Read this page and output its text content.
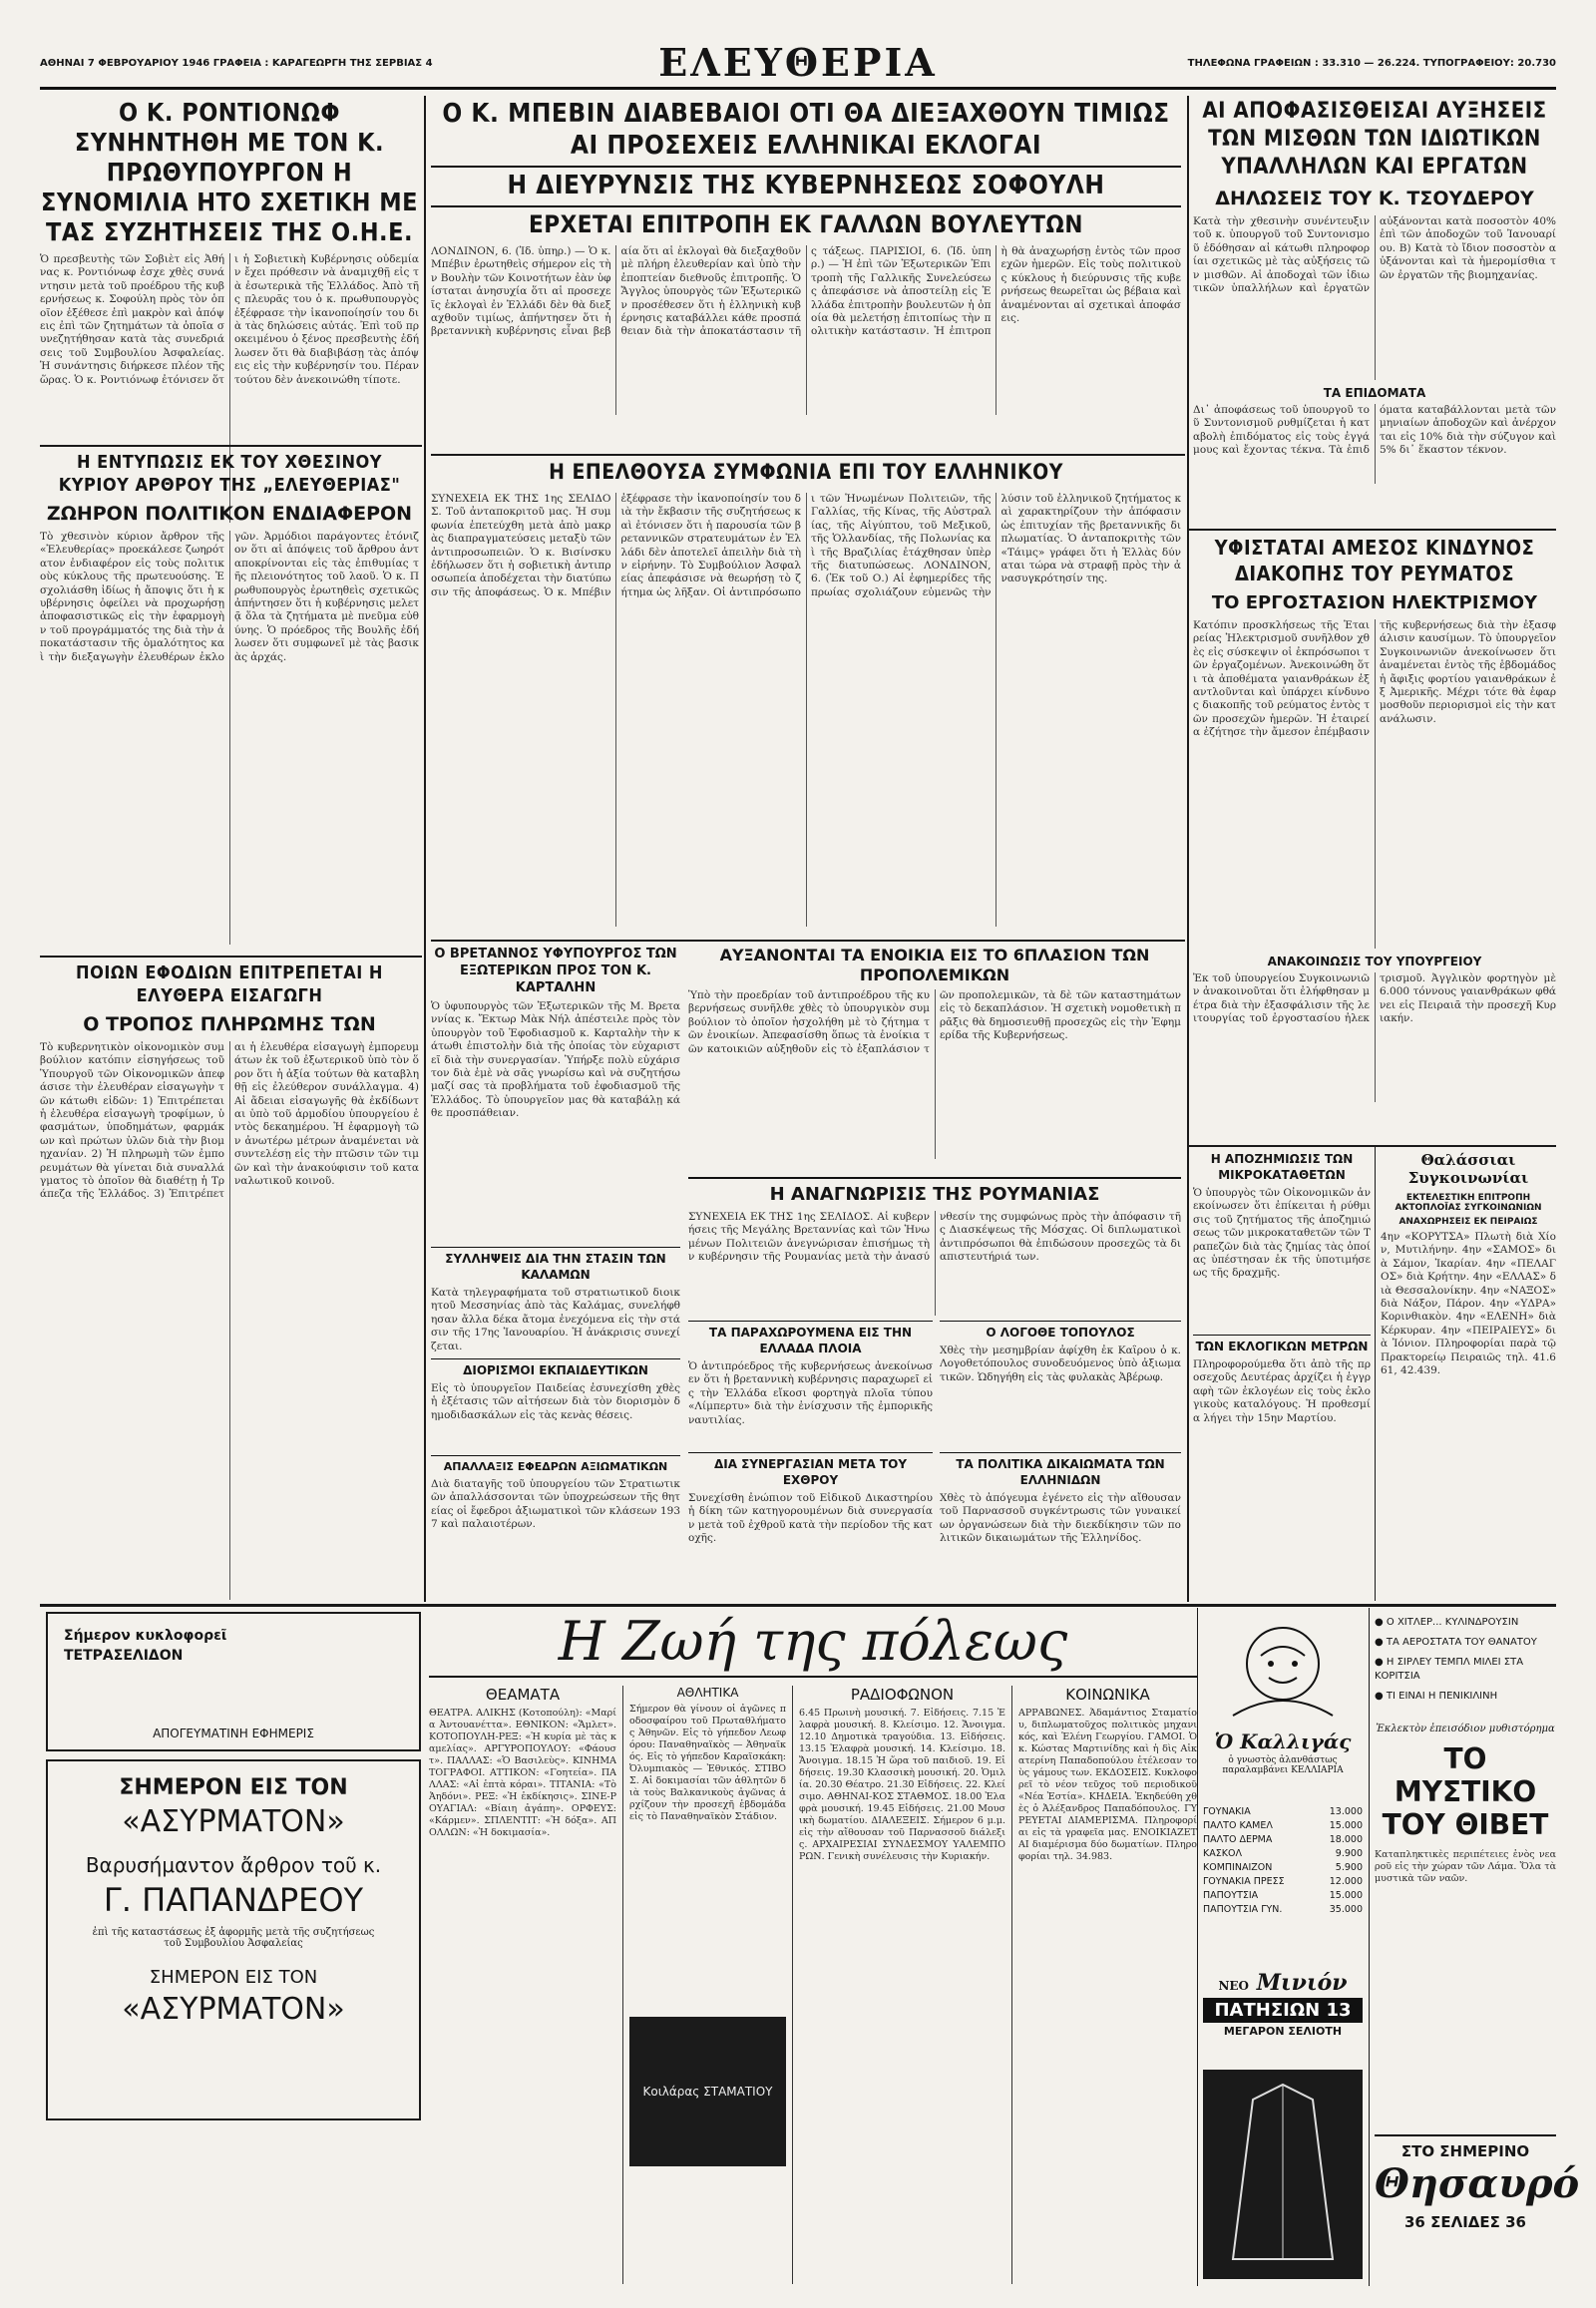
ΑΘΗΝΑΙ 7 ΦΕΒΡΟΥΑΡΙΟΥ 1946 ΓΡΑΦΕΙΑ : ΚΑΡΑΓΕΩΡΓΗ ΤΗΣ ΣΕΡΒΙΑΣ 4	ΕΛΕΥΘΕΡΙΑ	ΤΗΛΕΦΩΝΑ ΓΡΑΦΕΙΩΝ : 33.310 — 26.224. ΤΥΠΟΓΡΑΦΕΙΟΥ: 20.730
Ο Κ. ΡΟΝΤΙΟΝΩΦ ΣΥΝΗΝΤΗΘΗ ΜΕ ΤΟΝ Κ. ΠΡΩΘΥΠΟΥΡΓΟΝ Η ΣΥΝΟΜΙΛΙΑ ΗΤΟ ΣΧΕΤΙΚΗ ΜΕ ΤΑΣ ΣΥΖΗΤΗΣΕΙΣ ΤΗΣ Ο.Η.Ε.
Ὁ πρεσβευτὴς τῶν Σοβιὲτ εἰς Ἀθήνας κ. Ροντιόνωφ ἐσχε χθὲς συνάντησιν μετὰ τοῦ προέδρου τῆς κυβερνήσεως κ. Σοφούλη πρὸς τὸν ὁποῖον ἐξέθεσε ἐπὶ μακρὸν καὶ ἀπόψεις ἐπὶ τῶν ζητημάτων τὰ ὁποῖα συνεζητήθησαν κατὰ τὰς συνεδριάσεις τοῦ Συμβουλίου Ἀσφαλείας. Ἡ συνάντησις διήρκεσε πλέον τῆς ὥρας. Ὁ κ. Ροντιόνωφ ἐτόνισεν ὅτι ἡ Σοβιετικὴ Κυβέρνησις οὐδεμίαν ἔχει πρόθεσιν νὰ ἀναμιχθῇ εἰς τὰ ἐσωτερικὰ τῆς Ἑλλάδος. Ἀπὸ τῆς πλευρᾶς του ὁ κ. πρωθυπουργὸς ἐξέφρασε τὴν ἱκανοποίησίν του διὰ τὰς δηλώσεις αὐτάς. Ἐπὶ τοῦ προκειμένου ὁ ξένος πρεσβευτὴς ἐδήλωσεν ὅτι θὰ διαβιβάσῃ τὰς ἀπόψεις εἰς τὴν κυβέρνησίν του. Πέραν τούτου δὲν ἀνεκοινώθη τίποτε.
Η ΕΝΤΥΠΩΣΙΣ ΕΚ ΤΟΥ ΧΘΕΣΙΝΟΥ ΚΥΡΙΟΥ ΑΡΘΡΟΥ ΤΗΣ „ΕΛΕΥΘΕΡΙΑΣ"
ΖΩΗΡΟΝ ΠΟΛΙΤΙΚΟΝ ΕΝΔΙΑΦΕΡΟΝ
Τὸ χθεσινὸν κύριον ἄρθρον τῆς «Ἐλευθερίας» προεκάλεσε ζωηρότατον ἐνδιαφέρον εἰς τοὺς πολιτικοὺς κύκλους τῆς πρωτευούσης. Ἐσχολιάσθη ἰδίως ἡ ἄποψις ὅτι ἡ κυβέρνησις ὀφείλει νὰ προχωρήσῃ ἀποφασιστικῶς εἰς τὴν ἐφαρμογὴν τοῦ προγράμματός της διὰ τὴν ἀποκατάστασιν τῆς ὁμαλότητος καὶ τὴν διεξαγωγὴν ἐλευθέρων ἐκλογῶν. Ἀρμόδιοι παράγοντες ἐτόνιζον ὅτι αἱ ἀπόψεις τοῦ ἄρθρου ἀνταποκρίνονται εἰς τὰς ἐπιθυμίας τῆς πλειονότητος τοῦ λαοῦ. Ὁ κ. Πρωθυπουργὸς ἐρωτηθεὶς σχετικῶς ἀπήντησεν ὅτι ἡ κυβέρνησις μελετᾷ ὅλα τὰ ζητήματα μὲ πνεῦμα εὐθύνης. Ὁ πρόεδρος τῆς Βουλῆς ἐδήλωσεν ὅτι συμφωνεῖ μὲ τὰς βασικὰς ἀρχάς.
ΠΟΙΩΝ ΕΦΟΔΙΩΝ ΕΠΙΤΡΕΠΕΤΑΙ Η ΕΛΥΘΕΡΑ ΕΙΣΑΓΩΓΗ
Ο ΤΡΟΠΟΣ ΠΛΗΡΩΜΗΣ ΤΩΝ
Τὸ κυβερνητικὸν οἰκονομικὸν συμβούλιον κατόπιν εἰσηγήσεως τοῦ Ὑπουργοῦ τῶν Οἰκονομικῶν ἀπεφάσισε τὴν ἐλευθέραν εἰσαγωγὴν τῶν κάτωθι εἰδῶν: 1) Ἐπιτρέπεται ἡ ἐλευθέρα εἰσαγωγὴ τροφίμων, ὑφασμάτων, ὑποδημάτων, φαρμάκων καὶ πρώτων ὑλῶν διὰ τὴν βιομηχανίαν. 2) Ἡ πληρωμὴ τῶν ἐμπορευμάτων θὰ γίνεται διὰ συναλλάγματος τὸ ὁποῖον θὰ διαθέτῃ ἡ Τράπεζα τῆς Ἑλλάδος. 3) Ἐπιτρέπεται ἡ ἐλευθέρα εἰσαγωγὴ ἐμπορευμάτων ἐκ τοῦ ἐξωτερικοῦ ὑπὸ τὸν ὅρον ὅτι ἡ ἀξία τούτων θὰ καταβληθῇ εἰς ἐλεύθερον συνάλλαγμα. 4) Αἱ ἄδειαι εἰσαγωγῆς θὰ ἐκδίδωνται ὑπὸ τοῦ ἁρμοδίου ὑπουργείου ἐντὸς δεκαημέρου. Ἡ ἐφαρμογὴ τῶν ἀνωτέρω μέτρων ἀναμένεται νὰ συντελέσῃ εἰς τὴν πτῶσιν τῶν τιμῶν καὶ τὴν ἀνακούφισιν τοῦ καταναλωτικοῦ κοινοῦ.
Ο Κ. ΜΠΕΒΙΝ ΔΙΑΒΕΒΑΙΟΙ ΟΤΙ ΘΑ ΔΙΕΞΑΧΘΟΥΝ ΤΙΜΙΩΣ ΑΙ ΠΡΟΣΕΧΕΙΣ ΕΛΛΗΝΙΚΑΙ ΕΚΛΟΓΑΙ
Η ΔΙΕΥΡΥΝΣΙΣ ΤΗΣ ΚΥΒΕΡΝΗΣΕΩΣ ΣΟΦΟΥΛΗ
ΕΡΧΕΤΑΙ ΕΠΙΤΡΟΠΗ ΕΚ ΓΑΛΛΩΝ ΒΟΥΛΕΥΤΩΝ
ΛΟΝΔΙΝΟΝ, 6. (Ἰδ. ὑπηρ.) — Ὁ κ. Μπέβιν ἐρωτηθεὶς σήμερον εἰς τὴν Βουλὴν τῶν Κοινοτήτων ἐὰν ὑφίσταται ἀνησυχία ὅτι αἱ προσεχεῖς ἐκλογαὶ ἐν Ἑλλάδι δὲν θὰ διεξαχθοῦν τιμίως, ἀπήντησεν ὅτι ἡ βρεταννικὴ κυβέρνησις εἶναι βεβαία ὅτι αἱ ἐκλογαὶ θὰ διεξαχθοῦν μὲ πλήρη ἐλευθερίαν καὶ ὑπὸ τὴν ἐποπτείαν διεθνοῦς ἐπιτροπῆς. Ὁ Ἄγγλος ὑπουργὸς τῶν Ἐξωτερικῶν προσέθεσεν ὅτι ἡ ἑλληνικὴ κυβέρνησις καταβάλλει κάθε προσπάθειαν διὰ τὴν ἀποκατάστασιν τῆς τάξεως. ΠΑΡΙΣΙΟΙ, 6. (Ἰδ. ὑπηρ.) — Ἡ ἐπὶ τῶν Ἐξωτερικῶν Ἐπιτροπὴ τῆς Γαλλικῆς Συνελεύσεως ἀπεφάσισε νὰ ἀποστείλῃ εἰς Ἑλλάδα ἐπιτροπὴν βουλευτῶν ἡ ὁποία θὰ μελετήσῃ ἐπιτοπίως τὴν πολιτικὴν κατάστασιν. Ἡ ἐπιτροπὴ θὰ ἀναχωρήσῃ ἐντὸς τῶν προσεχῶν ἡμερῶν. Εἰς τοὺς πολιτικοὺς κύκλους ἡ διεύρυνσις τῆς κυβερνήσεως θεωρεῖται ὡς βέβαια καὶ ἀναμένονται αἱ σχετικαὶ ἀποφάσεις.
Η ΕΠΕΛΘΟΥΣΑ ΣΥΜΦΩΝΙΑ ΕΠΙ ΤΟΥ ΕΛΛΗΝΙΚΟΥ
ΣΥΝΕΧΕΙΑ ΕΚ ΤΗΣ 1ης ΣΕΛΙΔΟΣ. Τοῦ ἀνταποκριτοῦ μας. Ἡ συμφωνία ἐπετεύχθη μετὰ ἀπὸ μακρὰς διαπραγματεύσεις μεταξὺ τῶν ἀντιπροσωπειῶν. Ὁ κ. Βισίνσκυ ἐδήλωσεν ὅτι ἡ σοβιετικὴ ἀντιπροσωπεία ἀποδέχεται τὴν διατύπωσιν τῆς ἀποφάσεως. Ὁ κ. Μπέβιν ἐξέφρασε τὴν ἱκανοποίησίν του διὰ τὴν ἔκβασιν τῆς συζητήσεως καὶ ἐτόνισεν ὅτι ἡ παρουσία τῶν βρεταννικῶν στρατευμάτων ἐν Ἑλλάδι δὲν ἀποτελεῖ ἀπειλὴν διὰ τὴν εἰρήνην. Τὸ Συμβούλιον Ἀσφαλείας ἀπεφάσισε νὰ θεωρήσῃ τὸ ζήτημα ὡς λῆξαν. Οἱ ἀντιπρόσωποι τῶν Ἡνωμένων Πολιτειῶν, τῆς Γαλλίας, τῆς Κίνας, τῆς Αὐστραλίας, τῆς Αἰγύπτου, τοῦ Μεξικοῦ, τῆς Ὁλλανδίας, τῆς Πολωνίας καὶ τῆς Βραζιλίας ἐτάχθησαν ὑπὲρ τῆς διατυπώσεως. ΛΟΝΔΙΝΟΝ, 6. (Ἐκ τοῦ Ο.) Αἱ ἐφημερίδες τῆς πρωίας σχολιάζουν εὐμενῶς τὴν λύσιν τοῦ ἑλληνικοῦ ζητήματος καὶ χαρακτηρίζουν τὴν ἀπόφασιν ὡς ἐπιτυχίαν τῆς βρεταννικῆς διπλωματίας. Ὁ ἀνταποκριτὴς τῶν «Τάιμς» γράφει ὅτι ἡ Ἑλλὰς δύναται τώρα νὰ στραφῇ πρὸς τὴν ἀνασυγκρότησίν της.
Ο ΒΡΕΤΑΝΝΟΣ ΥΦΥΠΟΥΡΓΟΣ ΤΩΝ ΕΞΩΤΕΡΙΚΩΝ ΠΡΟΣ ΤΟΝ Κ. ΚΑΡΤΑΛΗΝ
Ὁ ὑφυπουργὸς τῶν Ἐξωτερικῶν τῆς Μ. Βρεταννίας κ. Ἔκτωρ Μὰκ Νήλ ἀπέστειλε πρὸς τὸν ὑπουργὸν τοῦ Ἐφοδιασμοῦ κ. Καρταλὴν τὴν κάτωθι ἐπιστολὴν διὰ τῆς ὁποίας τὸν εὐχαριστεῖ διὰ τὴν συνεργασίαν. Ὑπήρξε πολὺ εὐχάριστον διὰ ἐμὲ νὰ σᾶς γνωρίσω καὶ νὰ συζητήσω μαζί σας τὰ προβλήματα τοῦ ἐφοδιασμοῦ τῆς Ἑλλάδος. Τὸ ὑπουργεῖον μας θὰ καταβάλῃ κάθε προσπάθειαν.
ΑΥΞΑΝΟΝΤΑΙ ΤΑ ΕΝΟΙΚΙΑ ΕΙΣ ΤΟ 6ΠΛΑΣΙΟΝ ΤΩΝ ΠΡΟΠΟΛΕΜΙΚΩΝ
Ὑπὸ τὴν προεδρίαν τοῦ ἀντιπροέδρου τῆς κυβερνήσεως συνῆλθε χθὲς τὸ ὑπουργικὸν συμβούλιον τὸ ὁποῖον ἠσχολήθη μὲ τὸ ζήτημα τῶν ἐνοικίων. Ἀπεφασίσθη ὅπως τὰ ἐνοίκια τῶν κατοικιῶν αὐξηθοῦν εἰς τὸ ἑξαπλάσιον τῶν προπολεμικῶν, τὰ δὲ τῶν καταστημάτων εἰς τὸ δεκαπλάσιον. Ἡ σχετικὴ νομοθετικὴ πρᾶξις θὰ δημοσιευθῇ προσεχῶς εἰς τὴν Ἐφημερίδα τῆς Κυβερνήσεως.
Η ΑΝΑΓΝΩΡΙΣΙΣ ΤΗΣ ΡΟΥΜΑΝΙΑΣ
ΣΥΝΕΧΕΙΑ ΕΚ ΤΗΣ 1ης ΣΕΛΙΔΟΣ. Αἱ κυβερνήσεις τῆς Μεγάλης Βρεταννίας καὶ τῶν Ἡνωμένων Πολιτειῶν ἀνεγνώρισαν ἐπισήμως τὴν κυβέρνησιν τῆς Ρουμανίας μετὰ τὴν ἀνασύνθεσίν της συμφώνως πρὸς τὴν ἀπόφασιν τῆς Διασκέψεως τῆς Μόσχας. Οἱ διπλωματικοὶ ἀντιπρόσωποι θὰ ἐπιδώσουν προσεχῶς τὰ διαπιστευτήριά των.
ΣΥΛΛΗΨΕΙΣ ΔΙΑ ΤΗΝ ΣΤΑΣΙΝ ΤΩΝ ΚΑΛΑΜΩΝ
Κατὰ τηλεγραφήματα τοῦ στρατιωτικοῦ διοικητοῦ Μεσσηνίας ἀπὸ τὰς Καλάμας, συνελήφθησαν ἄλλα δέκα ἄτομα ἐνεχόμενα εἰς τὴν στάσιν τῆς 17ης Ἰανουαρίου. Ἡ ἀνάκρισις συνεχίζεται.
ΤΑ ΠΑΡΑΧΩΡΟΥΜΕΝΑ ΕΙΣ ΤΗΝ ΕΛΛΑΔΑ ΠΛΟΙΑ
Ὁ ἀντιπρόεδρος τῆς κυβερνήσεως ἀνεκοίνωσεν ὅτι ἡ βρεταννικὴ κυβέρνησις παραχωρεῖ εἰς τὴν Ἑλλάδα εἴκοσι φορτηγὰ πλοῖα τύπου «Λίμπερτυ» διὰ τὴν ἐνίσχυσιν τῆς ἐμπορικῆς ναυτιλίας.
Ο ΛΟΓΟΘΕ ΤΟΠΟΥΛΟΣ
Χθὲς τὴν μεσημβρίαν ἀφίχθη ἐκ Καΐρου ὁ κ. Λογοθετόπουλος συνοδευόμενος ὑπὸ ἀξιωματικῶν. Ὡδηγήθη εἰς τὰς φυλακὰς Ἀβέρωφ.
ΔΙΟΡΙΣΜΟΙ ΕΚΠΑΙΔΕΥΤΙΚΩΝ
Εἰς τὸ ὑπουργεῖον Παιδείας ἐσυνεχίσθη χθὲς ἡ ἐξέτασις τῶν αἰτήσεων διὰ τὸν διορισμὸν δημοδιδασκάλων εἰς τὰς κενὰς θέσεις.
ΑΠΑΛΛΑΞΙΣ ΕΦΕΔΡΩΝ ΑΞΙΩΜΑΤΙΚΩΝ
Διὰ διαταγῆς τοῦ ὑπουργείου τῶν Στρατιωτικῶν ἀπαλλάσσονται τῶν ὑποχρεώσεων τῆς θητείας οἱ ἔφεδροι ἀξιωματικοὶ τῶν κλάσεων 1937 καὶ παλαιοτέρων.
ΔΙΑ ΣΥΝΕΡΓΑΣΙΑΝ ΜΕΤΑ ΤΟΥ ΕΧΘΡΟΥ
Συνεχίσθη ἐνώπιον τοῦ Εἰδικοῦ Δικαστηρίου ἡ δίκη τῶν κατηγορουμένων διὰ συνεργασίαν μετὰ τοῦ ἐχθροῦ κατὰ τὴν περίοδον τῆς κατοχῆς.
ΤΑ ΠΟΛΙΤΙΚΑ ΔΙΚΑΙΩΜΑΤΑ ΤΩΝ ΕΛΛΗΝΙΔΩΝ
Χθὲς τὸ ἀπόγευμα ἐγένετο εἰς τὴν αἴθουσαν τοῦ Παρνασσοῦ συγκέντρωσις τῶν γυναικείων ὀργανώσεων διὰ τὴν διεκδίκησιν τῶν πολιτικῶν δικαιωμάτων τῆς Ἑλληνίδος.
ΑΙ ΑΠΟΦΑΣΙΣΘΕΙΣΑΙ ΑΥΞΗΣΕΙΣ ΤΩΝ ΜΙΣΘΩΝ ΤΩΝ ΙΔΙΩΤΙΚΩΝ ΥΠΑΛΛΗΛΩΝ ΚΑΙ ΕΡΓΑΤΩΝ
ΔΗΛΩΣΕΙΣ ΤΟΥ Κ. ΤΣΟΥΔΕΡΟΥ
Κατὰ τὴν χθεσινὴν συνέντευξιν τοῦ κ. ὑπουργοῦ τοῦ Συντονισμοῦ ἐδόθησαν αἱ κάτωθι πληροφορίαι σχετικῶς μὲ τὰς αὐξήσεις τῶν μισθῶν. Αἱ ἀποδοχαὶ τῶν ἰδιωτικῶν ὑπαλλήλων καὶ ἐργατῶν αὐξάνονται κατὰ ποσοστὸν 40% ἐπὶ τῶν ἀποδοχῶν τοῦ Ἰανουαρίου. Β) Κατὰ τὸ ἴδιον ποσοστὸν αὐξάνονται καὶ τὰ ἡμερομίσθια τῶν ἐργατῶν τῆς βιομηχανίας.
ΤΑ ΕΠΙΔΟΜΑΤΑ
Δι᾽ ἀποφάσεως τοῦ ὑπουργοῦ τοῦ Συντονισμοῦ ρυθμίζεται ἡ καταβολὴ ἐπιδόματος εἰς τοὺς ἐγγάμους καὶ ἔχοντας τέκνα. Τὰ ἐπιδόματα καταβάλλονται μετὰ τῶν μηνιαίων ἀποδοχῶν καὶ ἀνέρχονται εἰς 10% διὰ τὴν σύζυγον καὶ 5% δι᾽ ἕκαστον τέκνον.
ΥΦΙΣΤΑΤΑΙ ΑΜΕΣΟΣ ΚΙΝΔΥΝΟΣ ΔΙΑΚΟΠΗΣ ΤΟΥ ΡΕΥΜΑΤΟΣ
ΤΟ ΕΡΓΟΣΤΑΣΙΟΝ ΗΛΕΚΤΡΙΣΜΟΥ
Κατόπιν προσκλήσεως τῆς Ἑταιρείας Ἠλεκτρισμοῦ συνῆλθον χθὲς εἰς σύσκεψιν οἱ ἐκπρόσωποι τῶν ἐργαζομένων. Ἀνεκοινώθη ὅτι τὰ ἀποθέματα γαιανθράκων ἐξαντλοῦνται καὶ ὑπάρχει κίνδυνος διακοπῆς τοῦ ρεύματος ἐντὸς τῶν προσεχῶν ἡμερῶν. Ἡ ἐταιρεία ἐζήτησε τὴν ἄμεσον ἐπέμβασιν τῆς κυβερνήσεως διὰ τὴν ἐξασφάλισιν καυσίμων. Τὸ ὑπουργεῖον Συγκοινωνιῶν ἀνεκοίνωσεν ὅτι ἀναμένεται ἐντὸς τῆς ἑβδομάδος ἡ ἄφιξις φορτίου γαιανθράκων ἐξ Ἀμερικῆς. Μέχρι τότε θὰ ἐφαρμοσθοῦν περιορισμοὶ εἰς τὴν κατανάλωσιν.
ΑΝΑΚΟΙΝΩΣΙΣ ΤΟΥ ΥΠΟΥΡΓΕΙΟΥ
Ἐκ τοῦ ὑπουργείου Συγκοινωνιῶν ἀνακοινοῦται ὅτι ἐλήφθησαν μέτρα διὰ τὴν ἐξασφάλισιν τῆς λειτουργίας τοῦ ἐργοστασίου ἠλεκτρισμοῦ. Ἀγγλικὸν φορτηγὸν μὲ 6.000 τόννους γαιανθράκων φθάνει εἰς Πειραιᾶ τὴν προσεχῆ Κυριακήν.
Η ΑΠΟΖΗΜΙΩΣΙΣ ΤΩΝ ΜΙΚΡΟΚΑΤΑΘΕΤΩΝ
Ὁ ὑπουργὸς τῶν Οἰκονομικῶν ἀνεκοίνωσεν ὅτι ἐπίκειται ἡ ρύθμισις τοῦ ζητήματος τῆς ἀποζημιώσεως τῶν μικροκαταθετῶν τῶν Τραπεζῶν διὰ τὰς ζημίας τὰς ὁποίας ὑπέστησαν ἐκ τῆς ὑποτιμήσεως τῆς δραχμῆς.
ΤΩΝ ΕΚΛΟΓΙΚΩΝ ΜΕΤΡΩΝ
Πληροφορούμεθα ὅτι ἀπὸ τῆς προσεχοῦς Δευτέρας ἀρχίζει ἡ ἐγγραφὴ τῶν ἐκλογέων εἰς τοὺς ἐκλογικοὺς καταλόγους. Ἡ προθεσμία λήγει τὴν 15ην Μαρτίου.
Θαλάσσιαι Συγκοινωνίαι
ΕΚΤΕΛΕΣΤΙΚΗ ΕΠΙΤΡΟΠΗ ΑΚΤΟΠΛΟΪΑΣ ΣΥΓΚΟΙΝΩΝΙΩΝ
ΑΝΑΧΩΡΗΣΕΙΣ ΕΚ ΠΕΙΡΑΙΩΣ
4ην «ΚΟΡΥΤΣΑ» Πλωτὴ διὰ Χίον, Μυτιλήνην. 4ην «ΣΑΜΟΣ» διὰ Σάμον, Ἰκαρίαν. 4ην «ΠΕΛΑΓΟΣ» διὰ Κρήτην. 4ην «ΕΛΛΑΣ» διὰ Θεσσαλονίκην. 4ην «ΝΑΞΟΣ» διὰ Νάξον, Πάρον. 4ην «ΥΔΡΑ» Κορινθιακὸν. 4ην «ΕΛΕΝΗ» διὰ Κέρκυραν. 4ην «ΠΕΙΡΑΙΕΥΣ» διὰ Ἰόνιον. Πληροφορίαι παρὰ τῷ Πρακτορείῳ Πειραιῶς τηλ. 41.661, 42.439.
Σήμερον κυκλοφορεῖ
ΤΕΤΡΑΣΕΛΙΔΟΝ
ΑΠΟΓΕΥΜΑΤΙΝΗ ΕΦΗΜΕΡΙΣ
ΣΗΜΕΡΟΝ ΕΙΣ ΤΟΝ
«ΑΣΥΡΜΑΤΟΝ»
Βαρυσήμαντον ἄρθρον τοῦ κ.
Γ. ΠΑΠΑΝΔΡΕΟΥ
ἐπὶ τῆς καταστάσεως ἐξ ἀφορμῆς μετὰ τῆς συζητήσεως τοῦ Συμβουλίου Ἀσφαλείας
ΣΗΜΕΡΟΝ ΕΙΣ ΤΟΝ
«ΑΣΥΡΜΑΤΟΝ»
Η Ζωή της πόλεως
ΘΕΑΜΑΤΑ
ΘΕΑΤΡΑ. ΑΛΙΚΗΣ (Κοτοπούλη): «Μαρία Ἀντουανέττα». ΕΘΝΙΚΟΝ: «Ἄμλετ». ΚΟΤΟΠΟΥΛΗ-ΡΕΞ: «Ἡ κυρία μὲ τὰς καμελίας». ΑΡΓΥΡΟΠΟΥΛΟΥ: «Φάουστ». ΠΑΛΛΑΣ: «Ὁ Βασιλεὺς». ΚΙΝΗΜΑΤΟΓΡΑΦΟΙ. ΑΤΤΙΚΟΝ: «Γοητεία». ΠΑΛΛΑΣ: «Αἱ ἑπτὰ κόραι». ΤΙΤΑΝΙΑ: «Τὸ Ἀηδόνι». ΡΕΞ: «Ἡ ἐκδίκησις». ΣΙΝΕ-ΡΟΥΑΓΙΑΛ: «Βίαιη ἀγάπη». ΟΡΦΕΥΣ: «Κάρμεν». ΣΠΛΕΝΤΙΤ: «Ἡ δόξα». ΑΠΟΛΛΩΝ: «Ἡ δοκιμασία».
ΑΘΛΗΤΙΚΑ
Σήμερον θὰ γίνουν οἱ ἀγῶνες ποδοσφαίρου τοῦ Πρωταθλήματος Ἀθηνῶν. Εἰς τὸ γήπεδον Λεωφόρου: Παναθηναϊκὸς — Ἀθηναϊκός. Εἰς τὸ γήπεδον Καραϊσκάκη: Ὀλυμπιακὸς — Ἐθνικός. ΣΤΙΒΟΣ. Αἱ δοκιμασίαι τῶν ἀθλητῶν διὰ τοὺς Βαλκανικοὺς ἀγῶνας ἀρχίζουν τὴν προσεχῆ ἑβδομάδα εἰς τὸ Παναθηναϊκὸν Στάδιον.
Κοιλάρας ΣΤΑΜΑΤΙΟΥ
ΡΑΔΙΟΦΩΝΟΝ
6.45 Πρωινὴ μουσική. 7. Εἰδήσεις. 7.15 Ἐλαφρὰ μουσική. 8. Κλείσιμο. 12. Ἄνοιγμα. 12.10 Δημοτικὰ τραγούδια. 13. Εἰδήσεις. 13.15 Ἐλαφρὰ μουσική. 14. Κλείσιμο. 18. Ἄνοιγμα. 18.15 Ἡ ὥρα τοῦ παιδιοῦ. 19. Εἰδήσεις. 19.30 Κλασσικὴ μουσική. 20. Ὁμιλία. 20.30 Θέατρο. 21.30 Εἰδήσεις. 22. Κλείσιμο. ΑΘΗΝΑΙ-ΚΟΣ ΣΤΑΘΜΟΣ. 18.00 Ἐλαφρὰ μουσική. 19.45 Εἰδήσεις. 21.00 Μουσικὴ δωματίου. ΔΙΑΛΕΞΕΙΣ. Σήμερον 6 μ.μ. εἰς τὴν αἴθουσαν τοῦ Παρνασσοῦ διάλεξις. ΑΡΧΑΙΡΕΣΙΑΙ ΣΥΝΔΕΣΜΟΥ ΥΑΛΕΜΠΟΡΩΝ. Γενικὴ συνέλευσις τὴν Κυριακήν.
ΚΟΙΝΩΝΙΚΑ
ΑΡΡΑΒΩΝΕΣ. Ἀδαμάντιος Σταματίου, διπλωματοῦχος πολιτικὸς μηχανικός, καὶ Ἑλένη Γεωργίου. ΓΑΜΟΙ. Ὁ κ. Κώστας Μαρτινίδης καὶ ἡ δὶς Αἰκατερίνη Παπαδοπούλου ἐτέλεσαν τοὺς γάμους των. ΕΚΔΟΣΕΙΣ. Κυκλοφορεῖ τὸ νέον τεῦχος τοῦ περιοδικοῦ «Νέα Ἑστία». ΚΗΔΕΙΑ. Ἐκηδεύθη χθὲς ὁ Ἀλέξανδρος Παπαδόπουλος. ΓΥΡΕΥΕΤΑΙ ΔΙΑΜΕΡΙΣΜΑ. Πληροφορίαι εἰς τὰ γραφεῖα μας. ΕΝΟΙΚΙΑΖΕΤΑΙ διαμέρισμα δύο δωματίων. Πληροφορίαι τηλ. 34.983.
Ὁ Καλλιγάς
ὁ γνωστὸς ἀλανθάστως παραλαμβάνει ΚΕΛΛΙΑΡΙΑ
ΓΟΥΝΑΚΙΑ	13.000
ΠΑΛΤΟ ΚΑΜΕΛ	15.000
ΠΑΛΤΟ ΔΕΡΜΑ	18.000
ΚΑΣΚΟΛ	9.900
ΚΟΜΠΙΝΑΙΖΟΝ	5.900
ΓΟΥΝΑΚΙΑ ΠΡΕΣΣ	12.000
ΠΑΠΟΥΤΣΙΑ	15.000
ΠΑΠΟΥΤΣΙΑ ΓΥΝ.	35.000
ΝΕΟ Μινιόν
ΠΑΤΗΣΙΩΝ 13
ΜΕΓΑΡΟΝ ΣΕΛΙΟΤΗ
● Ο ΧΙΤΛΕΡ... ΚΥΛΙΝΔΡΟΥΣΙΝ
● ΤΑ ΑΕΡΟΣΤΑΤΑ ΤΟΥ ΘΑΝΑΤΟΥ
● Η ΣΙΡΛΕΥ ΤΕΜΠΛ ΜΙΛΕΙ ΣΤΑ ΚΟΡΙΤΣΙΑ
● ΤΙ ΕΙΝΑΙ Η ΠΕΝΙΚΙΛΙΝΗ
Ἐκλεκτὸν ἐπεισόδιον μυθιστόρημα
ΤΟ ΜΥΣΤΙΚΟ
ΤΟΥ ΘΙΒΕΤ
Καταπληκτικὲς περιπέτειες ἑνὸς νεαροῦ εἰς τὴν χώραν τῶν Λάμα. Ὅλα τὰ μυστικὰ τῶν ναῶν.
ΣΤΟ ΣΗΜΕΡΙΝΟ
Θησαυρό
36 ΣΕΛΙΔΕΣ 36
